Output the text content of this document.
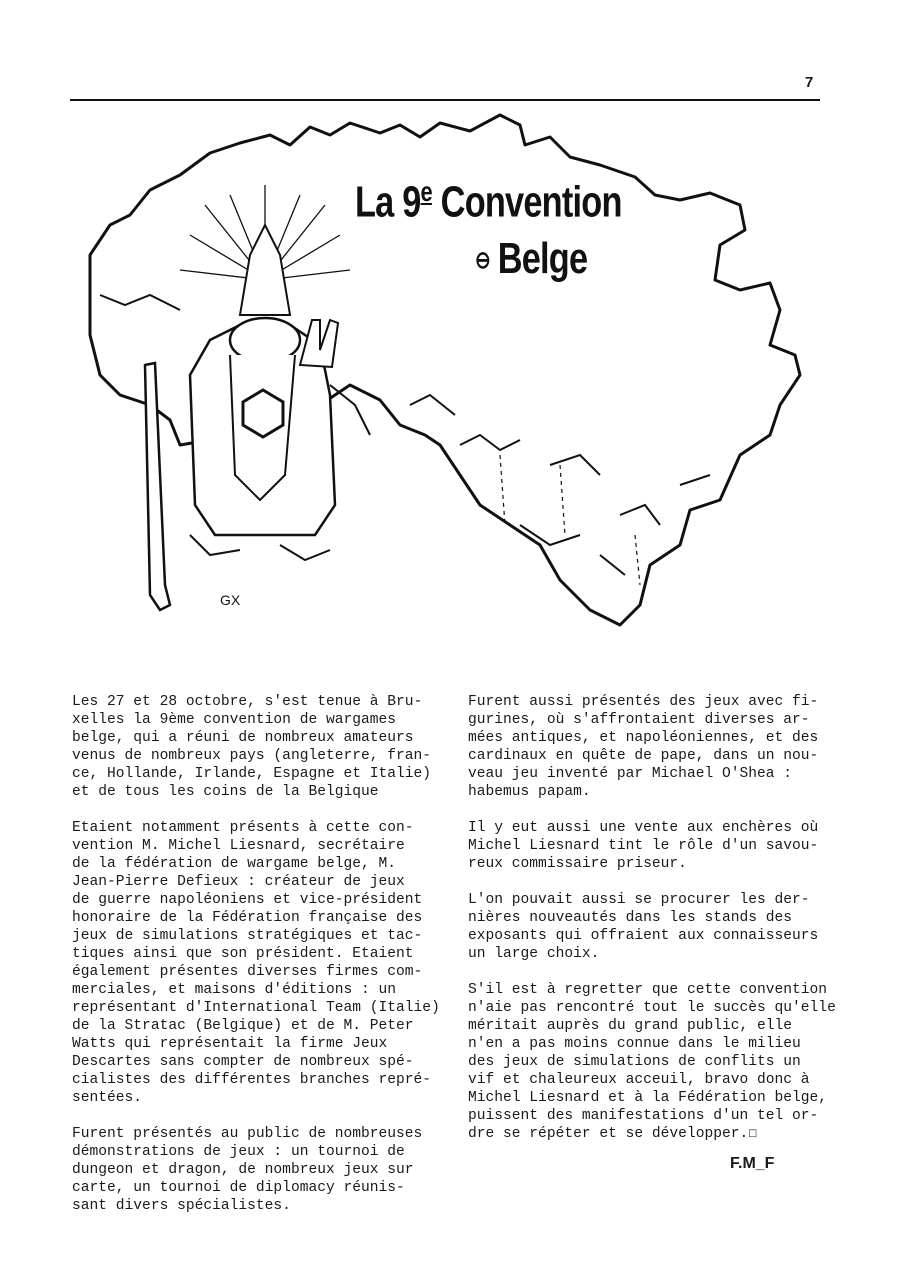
7
GX
La 9e Convention
⊖ Belge

Les 27 et 28 octobre, s'est tenue à Bru-
xelles la 9ème convention de wargames
belge, qui a réuni de nombreux amateurs
venus de nombreux pays (angleterre, fran-
ce, Hollande, Irlande, Espagne et Italie)
et de tous les coins de la Belgique

Etaient notamment présents à cette con-
vention M. Michel Liesnard, secrétaire
de la fédération de wargame belge, M.
Jean-Pierre Defieux : créateur de jeux
de guerre napoléoniens et vice-président
honoraire de la Fédération française des
jeux de simulations stratégiques et tac-
tiques ainsi que son président. Etaient
également présentes diverses firmes com-
merciales, et maisons d'éditions : un
représentant d'International Team (Italie)
de la Stratac (Belgique) et de M. Peter
Watts qui représentait la firme Jeux
Descartes sans compter de nombreux spé-
cialistes des différentes branches repré-
sentées.

Furent présentés au public de nombreuses
démonstrations de jeux : un tournoi de
dungeon et dragon, de nombreux jeux sur
carte, un tournoi de diplomacy réunis-
sant divers spécialistes.

Furent aussi présentés des jeux avec fi-
gurines, où s'affrontaient diverses ar-
mées antiques, et napoléoniennes, et des
cardinaux en quête de pape, dans un nou-
veau jeu inventé par Michael O'Shea :
habemus papam.

Il y eut aussi une vente aux enchères où
Michel Liesnard tint le rôle d'un savou-
reux commissaire priseur.

L'on pouvait aussi se procurer les der-
nières nouveautés dans les stands des
exposants qui offraient aux connaisseurs
un large choix.

S'il est à regretter que cette convention
n'aie pas rencontré tout le succès qu'elle
méritait auprès du grand public, elle
n'en a pas moins connue dans le milieu
des jeux de simulations de conflits un
vif et chaleureux acceuil, bravo donc à
Michel Liesnard et à la Fédération belge,
puissent des manifestations d'un tel or-
dre se répéter et se développer.☐

F.M_F
